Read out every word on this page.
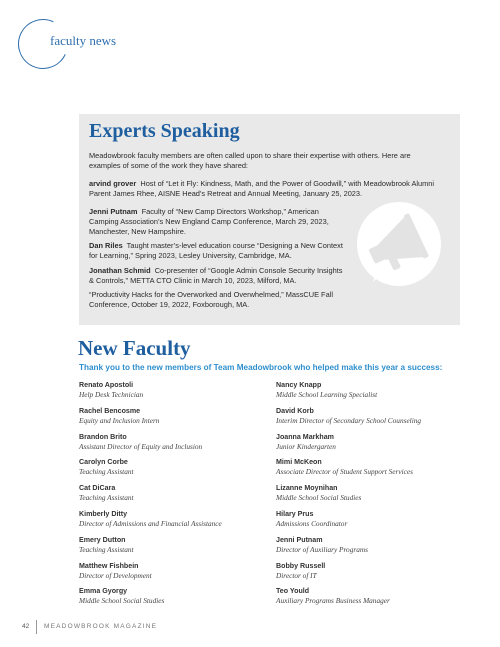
faculty news
Experts Speaking
Meadowbrook faculty members are often called upon to share their expertise with others. Here are examples of some of the work they have shared:
arvind grover Host of “Let it Fly: Kindness, Math, and the Power of Goodwill,” with Meadowbrook Alumni Parent James Rhee, AISNE Head’s Retreat and Annual Meeting, January 25, 2023.
Jenni Putnam Faculty of “New Camp Directors Workshop,” American Camping Association’s New England Camp Conference, March 29, 2023, Manchester, New Hampshire.
Dan Riles Taught master’s-level education course “Designing a New Context for Learning,” Spring 2023, Lesley University, Cambridge, MA.
Jonathan Schmid Co-presenter of “Google Admin Console Security Insights & Controls,” METTA CTO Clinic in March 10, 2023, Milford, MA.
“Productivity Hacks for the Overworked and Overwhelmed,” MassCUE Fall Conference, October 19, 2022, Foxborough, MA.
New Faculty
Thank you to the new members of Team Meadowbrook who helped make this year a success:
Renato Apostoli
Help Desk Technician
Rachel Bencosme
Equity and Inclusion Intern
Brandon Brito
Assistant Director of Equity and Inclusion
Carolyn Corbe
Teaching Assistant
Cat DiCara
Teaching Assistant
Kimberly Ditty
Director of Admissions and Financial Assistance
Emery Dutton
Teaching Assistant
Matthew Fishbein
Director of Development
Emma Gyorgy
Middle School Social Studies
Nancy Knapp
Middle School Learning Specialist
David Korb
Interim Director of Secondary School Counseling
Joanna Markham
Junior Kindergarten
Mimi McKeon
Associate Director of Student Support Services
Lizanne Moynihan
Middle School Social Studies
Hilary Prus
Admissions Coordinator
Jenni Putnam
Director of Auxiliary Programs
Bobby Russell
Director of IT
Teo Yould
Auxiliary Programs Business Manager
42 MEADOWBROOK MAGAZINE
